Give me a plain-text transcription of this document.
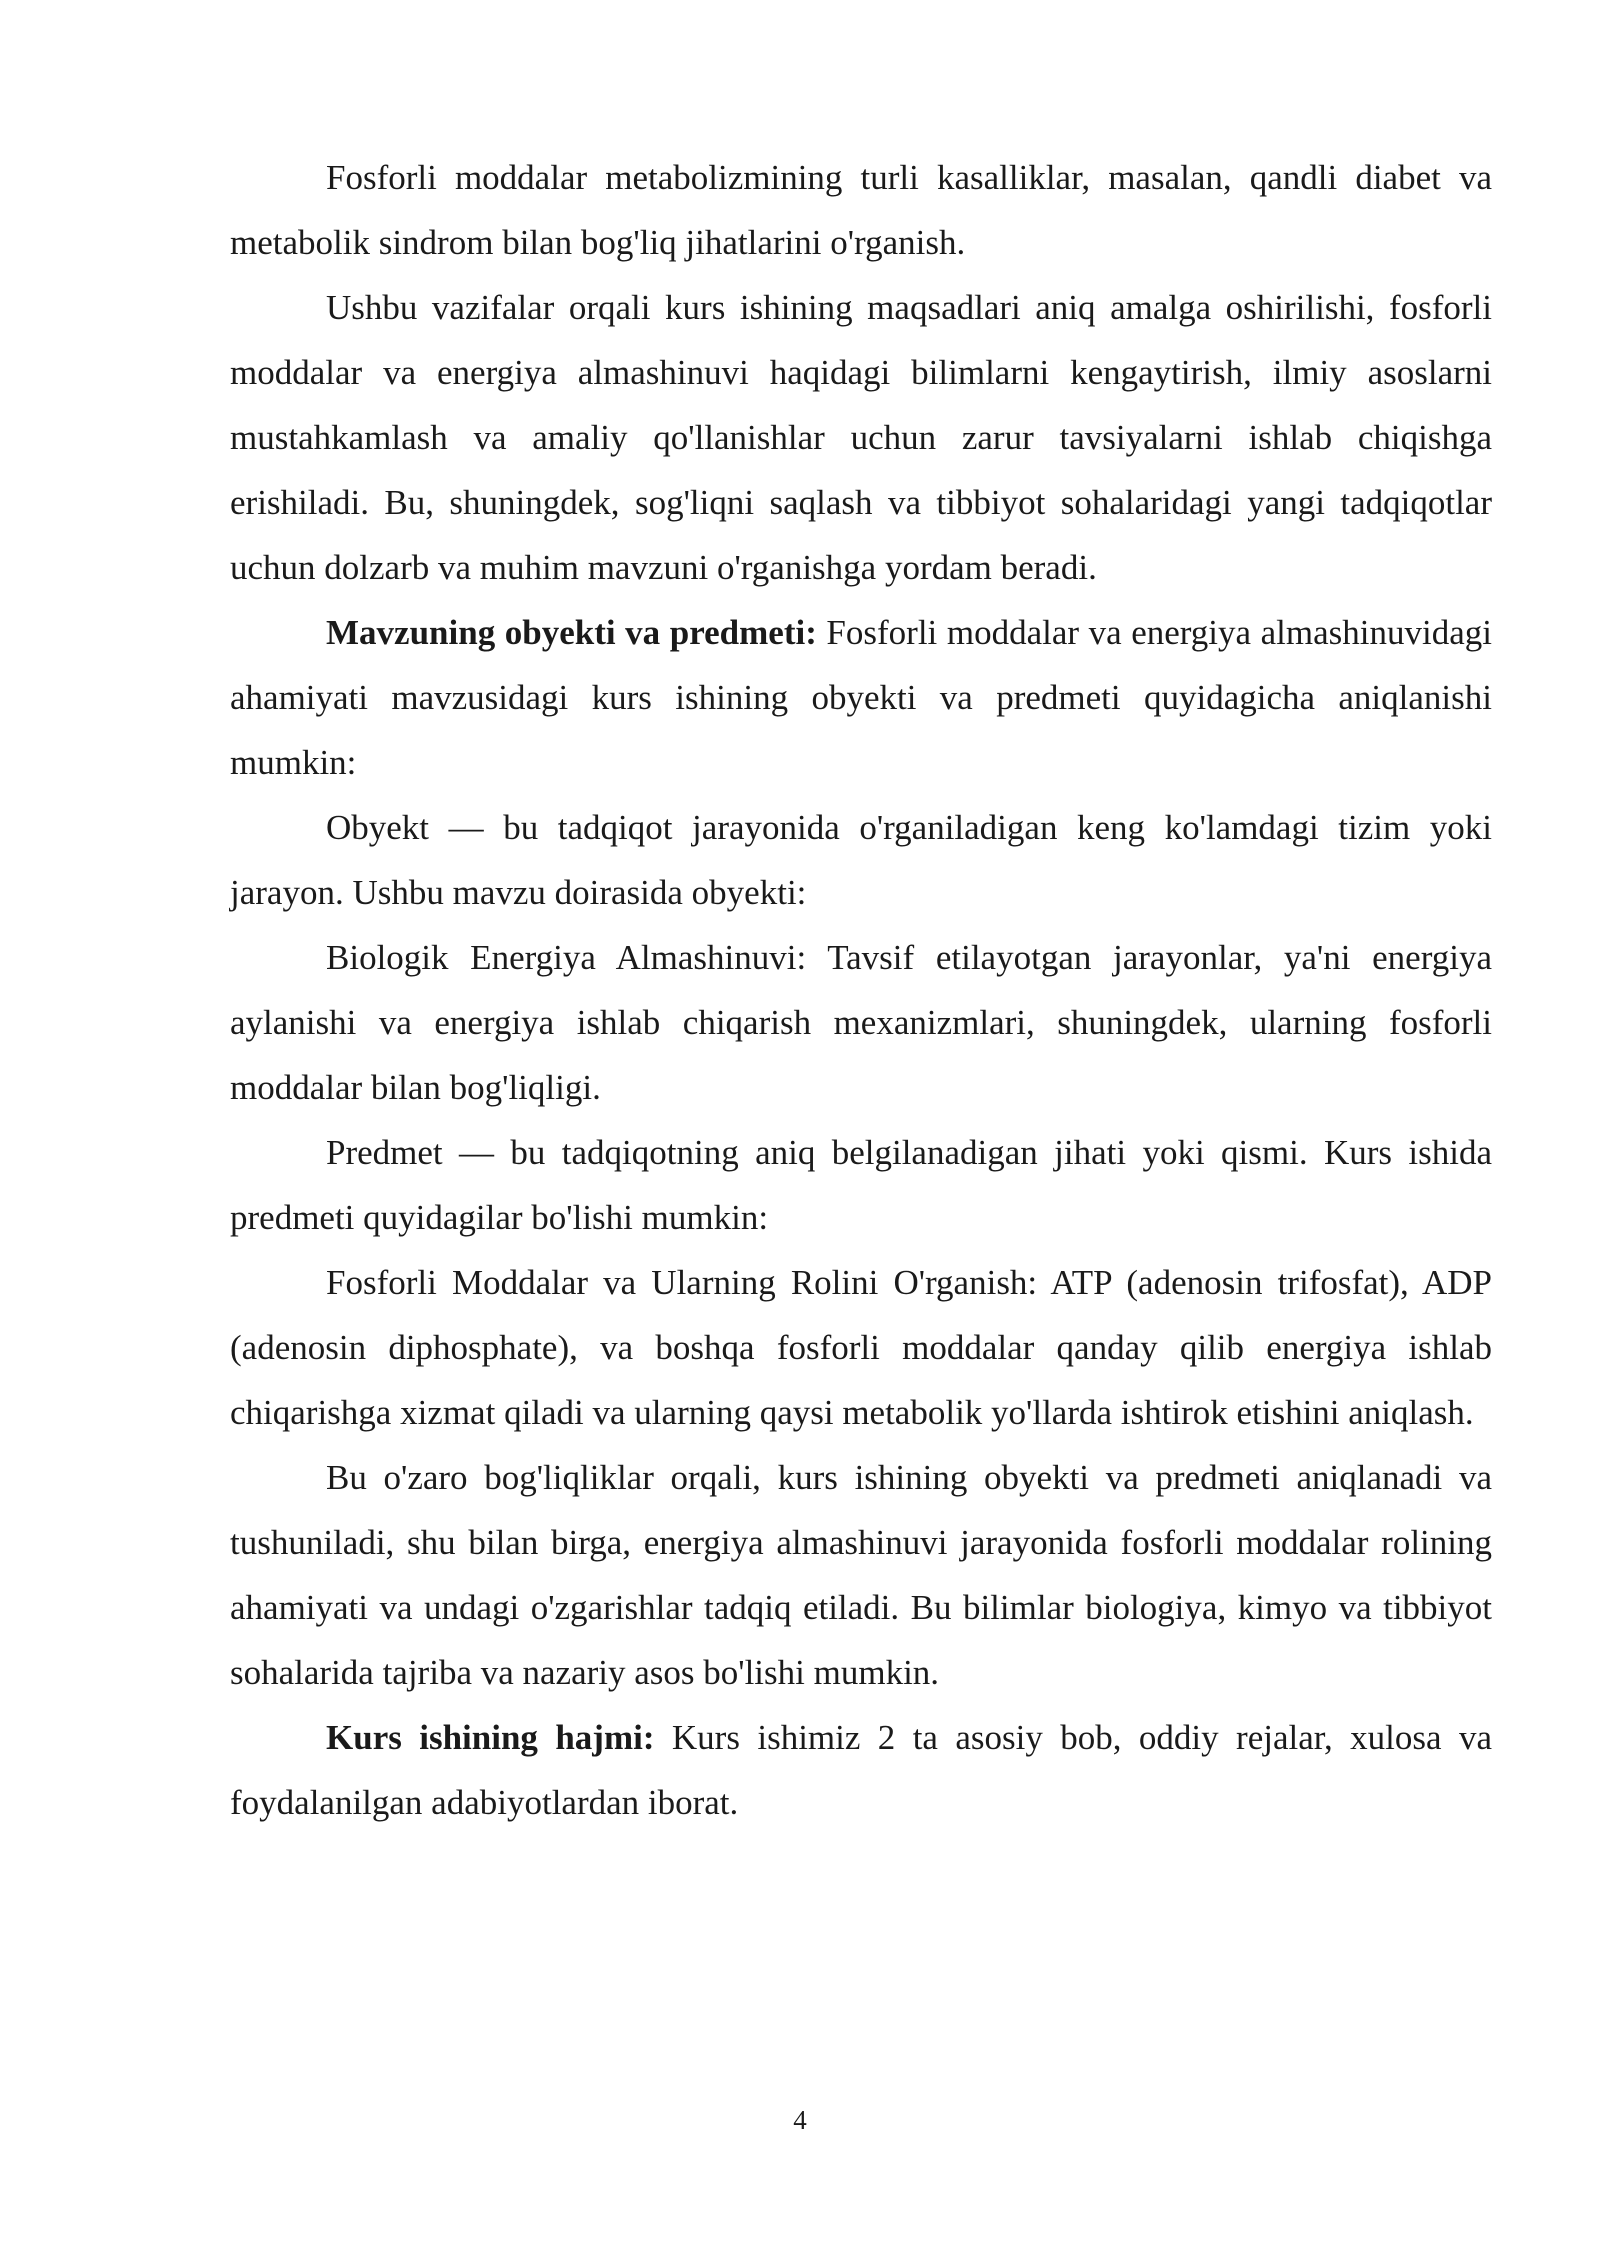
Fosforli moddalar metabolizmining turli kasalliklar, masalan, qandli diabet va metabolik sindrom bilan bog'liq jihatlarini o'rganish.

Ushbu vazifalar orqali kurs ishining maqsadlari aniq amalga oshirilishi, fosforli moddalar va energiya almashinuvi haqidagi bilimlarni kengaytirish, ilmiy asoslarni mustahkamlash va amaliy qo'llanishlar uchun zarur tavsiyalarni ishlab chiqishga erishiladi. Bu, shuningdek, sog'liqni saqlash va tibbiyot sohalaridagi yangi tadqiqotlar uchun dolzarb va muhim mavzuni o'rganishga yordam beradi.

Mavzuning obyekti va predmeti: Fosforli moddalar va energiya almashinuvidagi ahamiyati mavzusidagi kurs ishining obyekti va predmeti quyidagicha aniqlanishi mumkin:

Obyekt — bu tadqiqot jarayonida o'rganiladigan keng ko'lamdagi tizim yoki jarayon. Ushbu mavzu doirasida obyekti:

Biologik Energiya Almashinuvi: Tavsif etilayotgan jarayonlar, ya'ni energiya aylanishi va energiya ishlab chiqarish mexanizmlari, shuningdek, ularning fosforli moddalar bilan bog'liqligi.

Predmet — bu tadqiqotning aniq belgilanadigan jihati yoki qismi. Kurs ishida predmeti quyidagilar bo'lishi mumkin:

Fosforli Moddalar va Ularning Rolini O'rganish: ATP (adenosin trifosfat), ADP (adenosin diphosphate), va boshqa fosforli moddalar qanday qilib energiya ishlab chiqarishga xizmat qiladi va ularning qaysi metabolik yo'llarda ishtirok etishini aniqlash.

Bu o'zaro bog'liqliklar orqali, kurs ishining obyekti va predmeti aniqlanadi va tushuniladi, shu bilan birga, energiya almashinuvi jarayonida fosforli moddalar rolining ahamiyati va undagi o'zgarishlar tadqiq etiladi. Bu bilimlar biologiya, kimyo va tibbiyot sohalarida tajriba va nazariy asos bo'lishi mumkin.

Kurs ishining hajmi: Kurs ishimiz 2 ta asosiy bob, oddiy rejalar, xulosa va foydalanilgan adabiyotlardan iborat.

4
